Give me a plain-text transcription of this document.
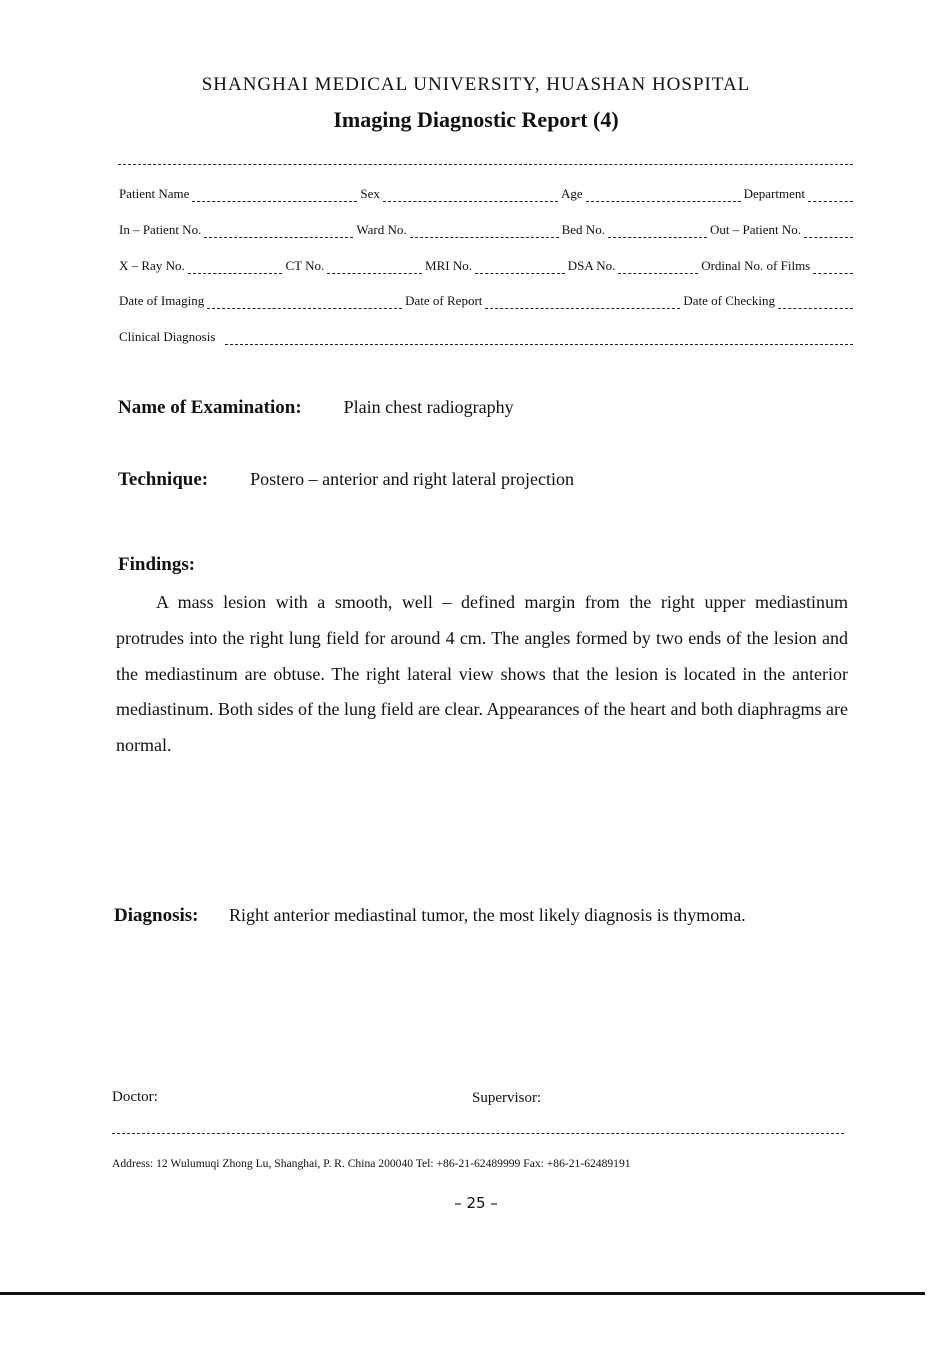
SHANGHAI MEDICAL UNIVERSITY, HUASHAN HOSPITAL
Imaging Diagnostic Report (4)
Patient Name	Sex	Age	Department
In – Patient No.	Ward No.	Bed No.	Out – Patient No.
X – Ray No.	CT No.	MRI No.	DSA No.	Ordinal No. of Films
Date of Imaging	Date of Report	Date of Checking
Clinical Diagnosis
Name of Examination: Plain chest radiography
Technique: Postero – anterior and right lateral projection
Findings:
A mass lesion with a smooth, well – defined margin from the right upper mediastinum protrudes into the right lung field for around 4 cm. The angles formed by two ends of the lesion and the mediastinum are obtuse. The right lateral view shows that the lesion is located in the anterior mediastinum. Both sides of the lung field are clear. Appearances of the heart and both diaphragms are normal.
Diagnosis: Right anterior mediastinal tumor, the most likely diagnosis is thymoma.
Doctor:	Supervisor:
Address: 12 Wulumuqi Zhong Lu, Shanghai, P. R. China 200040 Tel: +86-21-62489999 Fax: +86-21-62489191
– 25 –
